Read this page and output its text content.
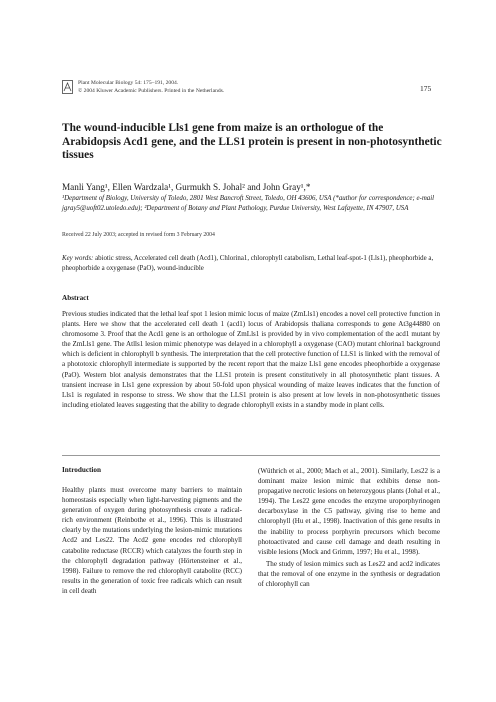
Plant Molecular Biology 54: 175–191, 2004.
© 2004 Kluwer Academic Publishers. Printed in the Netherlands.	175
The wound-inducible Lls1 gene from maize is an orthologue of the Arabidopsis Acd1 gene, and the LLS1 protein is present in non-photosynthetic tissues
Manli Yang¹, Ellen Wardzala¹, Gurmukh S. Johal² and John Gray¹,*
¹Department of Biology, University of Toledo, 2801 West Bancroft Street, Toledo, OH 43606, USA (*author for correspondence; e-mail jgray5@uoft02.utoledo.edu); ²Department of Botany and Plant Pathology, Purdue University, West Lafayette, IN 47907, USA
Received 22 July 2003; accepted in revised form 3 February 2004
Key words: abiotic stress, Accelerated cell death (Acd1), Chlorina1, chlorophyll catabolism, Lethal leaf-spot-1 (Lls1), pheophorbide a, pheophorbide a oxygenase (PaO), wound-inducible
Abstract

Previous studies indicated that the lethal leaf spot 1 lesion mimic locus of maize (ZmLls1) encodes a novel cell protective function in plants. Here we show that the accelerated cell death 1 (acd1) locus of Arabidopsis thaliana corresponds to gene At3g44880 on chromosome 3. Proof that the Acd1 gene is an orthologue of ZmLls1 is provided by in vivo complementation of the acd1 mutant by the ZmLls1 gene. The Atlls1 lesion mimic phenotype was delayed in a chlorophyll a oxygenase (CAO) mutant chlorina1 background which is deficient in chlorophyll b synthesis. The interpretation that the cell protective function of LLS1 is linked with the removal of a phototoxic chlorophyll intermediate is supported by the recent report that the maize Lls1 gene encodes pheophorbide a oxygenase (PaO). Western blot analysis demonstrates that the LLS1 protein is present constitutively in all photosynthetic plant tissues. A transient increase in Lls1 gene expression by about 50-fold upon physical wounding of maize leaves indicates that the function of Lls1 is regulated in response to stress. We show that the LLS1 protein is also present at low levels in non-photosynthetic tissues including etiolated leaves suggesting that the ability to degrade chlorophyll exists in a standby mode in plant cells.

Introduction

Healthy plants must overcome many barriers to maintain homeostasis especially when light-harvesting pigments and the generation of oxygen during photosynthesis create a radical-rich environment (Reinbothe et al., 1996). This is illustrated clearly by the mutations underlying the lesion-mimic mutations Acd2 and Les22. The Acd2 gene encodes red chlorophyll catabolite reductase (RCCR) which catalyzes the fourth step in the chlorophyll degradation pathway (Hörtensteiner et al., 1998). Failure to remove the red chlorophyll catabolite (RCC) results in the generation of toxic free radicals which can result in cell death

(Wüthrich et al., 2000; Mach et al., 2001). Similarly, Les22 is a dominant maize lesion mimic that exhibits dense non-propagative necrotic lesions on heterozygous plants (Johal et al., 1994). The Les22 gene encodes the enzyme uroporphyrinogen decarboxylase in the C5 pathway, giving rise to heme and chlorophyll (Hu et al., 1998). Inactivation of this gene results in the inability to process porphyrin precursors which become photoactivated and cause cell damage and death resulting in visible lesions (Mock and Grimm, 1997; Hu et al., 1998).

The study of lesion mimics such as Les22 and acd2 indicates that the removal of one enzyme in the synthesis or degradation of chlorophyll can
